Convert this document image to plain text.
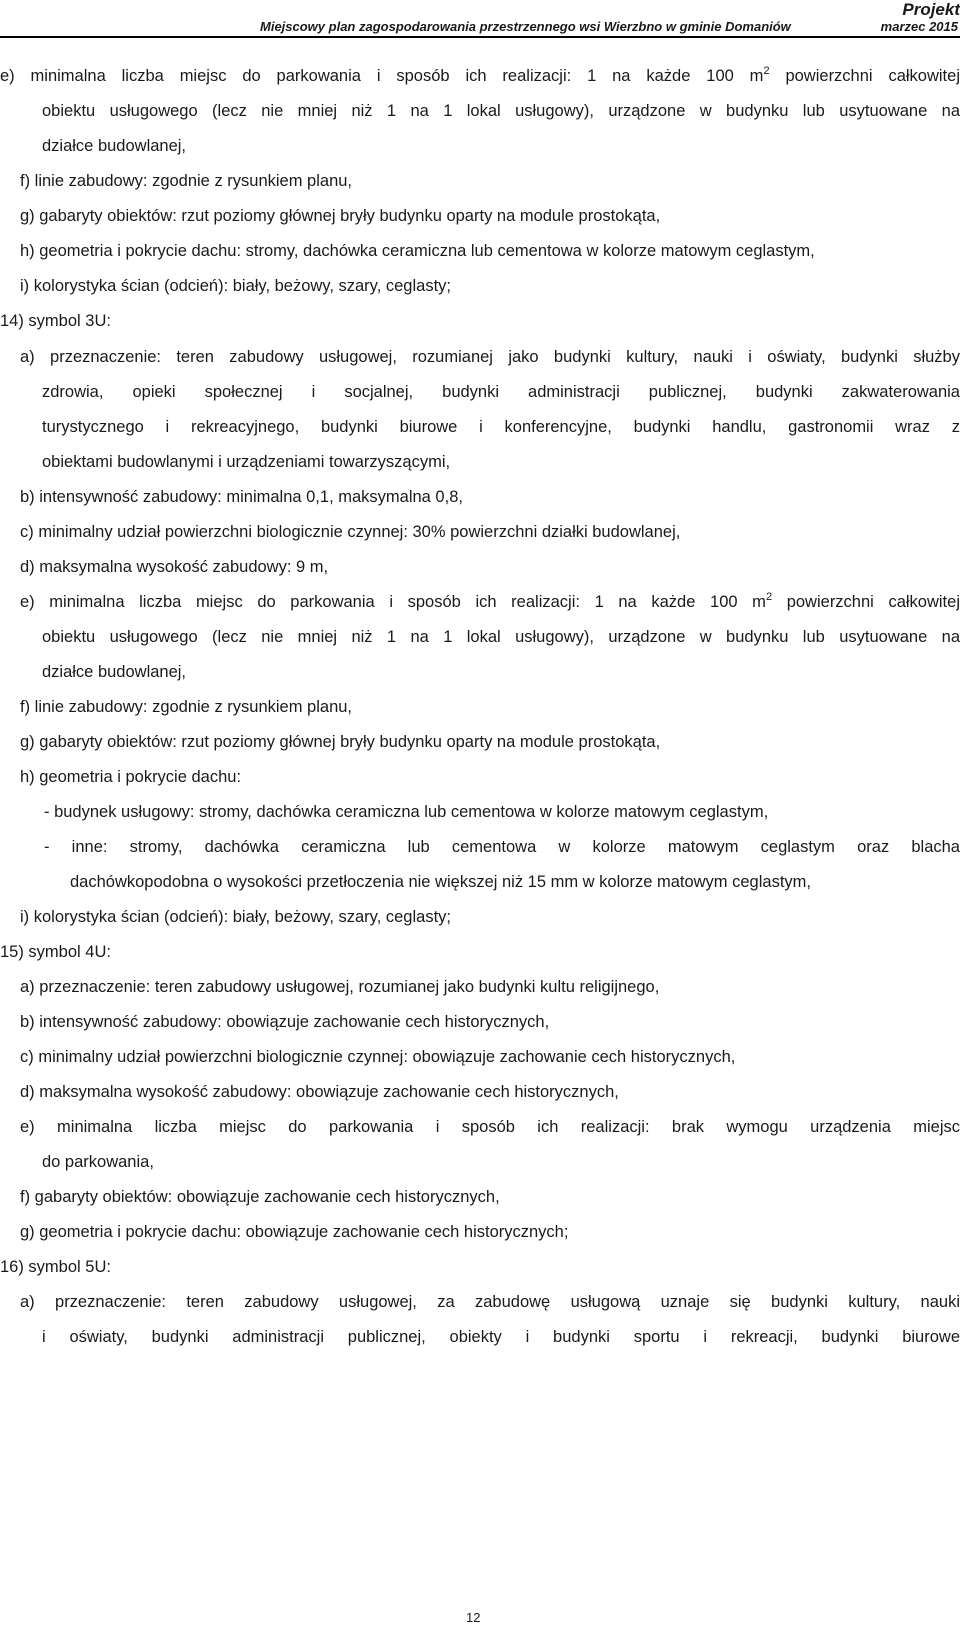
Projekt
Miejscowy plan zagospodarowania przestrzennego wsi Wierzbno w gminie Domaniów	marzec 2015
e) minimalna liczba miejsc do parkowania i sposób ich realizacji: 1 na każde 100 $m^2$ powierzchni całkowitej
obiektu usługowego (lecz nie mniej niż 1 na 1 lokal usługowy), urządzone w budynku lub usytuowane na
działce budowlanej,
f) linie zabudowy: zgodnie z rysunkiem planu,
g) gabaryty obiektów: rzut poziomy głównej bryły budynku oparty na module prostokąta,
h) geometria i pokrycie dachu: stromy, dachówka ceramiczna lub cementowa w kolorze matowym ceglastym,
i) kolorystyka ścian (odcień): biały, beżowy, szary, ceglasty;
14) symbol 3U:
a) przeznaczenie: teren zabudowy usługowej, rozumianej jako budynki kultury, nauki i oświaty, budynki służby
zdrowia, opieki społecznej i socjalnej, budynki administracji publicznej, budynki zakwaterowania
turystycznego i rekreacyjnego, budynki biurowe i konferencyjne, budynki handlu, gastronomii wraz z
obiektami budowlanymi i urządzeniami towarzyszącymi,
b) intensywność zabudowy: minimalna 0,1, maksymalna 0,8,
c) minimalny udział powierzchni biologicznie czynnej: 30% powierzchni działki budowlanej,
d) maksymalna wysokość zabudowy: 9 m,
e) minimalna liczba miejsc do parkowania i sposób ich realizacji: 1 na każde 100 $m^2$ powierzchni całkowitej
obiektu usługowego (lecz nie mniej niż 1 na 1 lokal usługowy), urządzone w budynku lub usytuowane na
działce budowlanej,
f) linie zabudowy: zgodnie z rysunkiem planu,
g) gabaryty obiektów: rzut poziomy głównej bryły budynku oparty na module prostokąta,
h) geometria i pokrycie dachu:
- budynek usługowy: stromy, dachówka ceramiczna lub cementowa w kolorze matowym ceglastym,
- inne: stromy, dachówka ceramiczna lub cementowa w kolorze matowym ceglastym oraz blacha
dachówkopodobna o wysokości przetłoczenia nie większej niż 15 mm w kolorze matowym ceglastym,
i) kolorystyka ścian (odcień): biały, beżowy, szary, ceglasty;
15) symbol 4U:
a) przeznaczenie: teren zabudowy usługowej, rozumianej jako budynki kultu religijnego,
b) intensywność zabudowy: obowiązuje zachowanie cech historycznych,
c) minimalny udział powierzchni biologicznie czynnej: obowiązuje zachowanie cech historycznych,
d) maksymalna wysokość zabudowy: obowiązuje zachowanie cech historycznych,
e) minimalna liczba miejsc do parkowania i sposób ich realizacji: brak wymogu urządzenia miejsc
do parkowania,
f) gabaryty obiektów: obowiązuje zachowanie cech historycznych,
g) geometria i pokrycie dachu: obowiązuje zachowanie cech historycznych;
16) symbol 5U:
a) przeznaczenie: teren zabudowy usługowej, za zabudowę usługową uznaje się budynki kultury, nauki
i oświaty, budynki administracji publicznej, obiekty i budynki sportu i rekreacji, budynki biurowe
12
